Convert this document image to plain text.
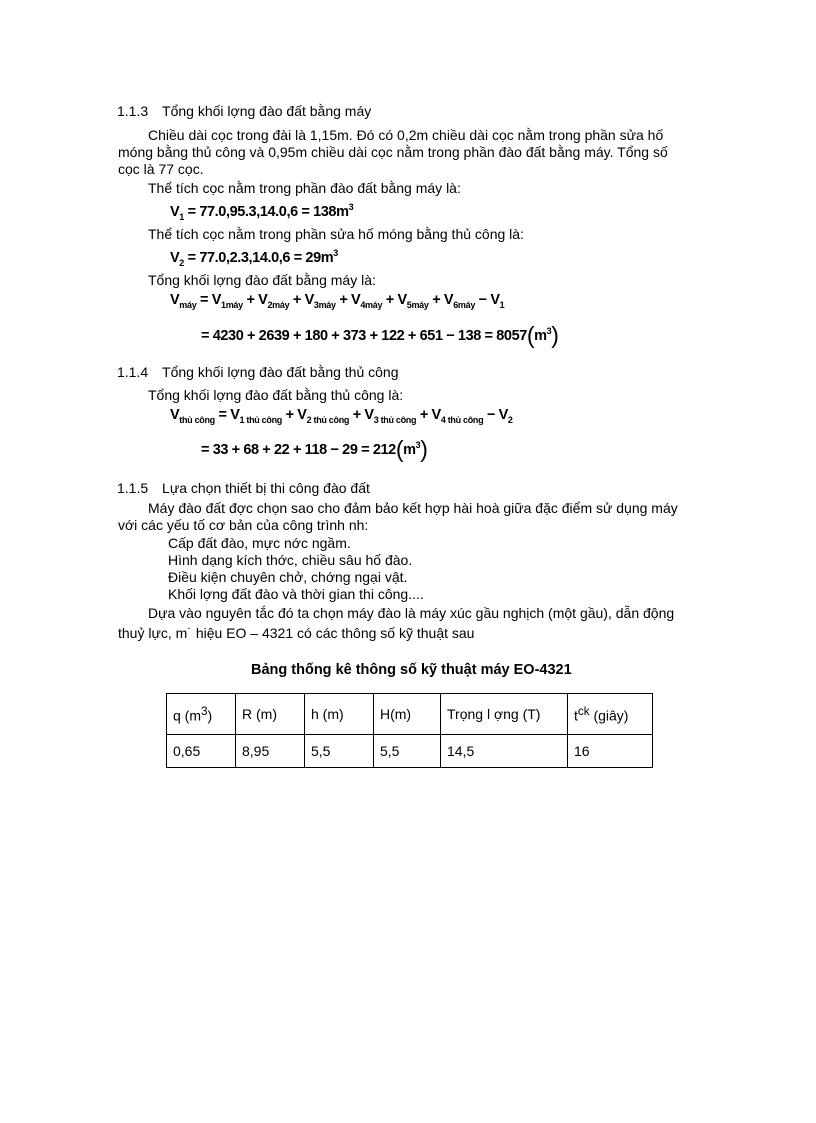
1.1.3 Tổng khối lợng đào đất bằng máy
Chiều dài cọc trong đài là 1,15m. Đó có 0,2m chiều dài cọc nằm trong phần sửa hố
móng bằng thủ công và 0,95m chiều dài cọc nằm trong phần đào đất bằng máy. Tổng số
cọc là 77 cọc.
Thể tích cọc nằm trong phần đào đất bằng máy là:
$V_1 = 77.0,95.3,14.0,6 = 138m^3$
Thể tích cọc nằm trong phần sửa hố móng bằng thủ công là:
$V_2 = 77.0,2.3,14.0,6 = 29m^3$
Tổng khối lợng đào đất bằng máy là:
$V_{máy} = V_{1máy} + V_{2máy} + V_{3máy} + V_{4máy} + V_{5máy} + V_{6máy} - V_1$
= $4230 + 2639 + 180 + 373 + 122 + 651 - 138 = 8057(m^3)$
1.1.4 Tổng khối lợng đào đất bằng thủ công
Tổng khối lợng đào đất bằng thủ công là:
$V_{thủ công} = V_{1 thủ công} + V_{2 thủ công} + V_{3 thủ công} + V_{4 thủ công} - V_2$
= $33 + 68 + 22 + 118 - 29 = 212(m^3)$
1.1.5 Lựa chọn thiết bị thi công đào đất
Máy đào đất đợc chọn sao cho đảm bảo kết hợp hài hoà giữa đặc điểm sử dụng máy
với các yếu tố cơ bản của công trình nh:
Cấp đất đào, mực nớc ngầm.
Hình dạng kích thớc, chiều sâu hố đào.
Điều kiện chuyên chở, chớng ngại vật.
Khối lợng đất đào và thời gian thi công....
Dựa vào nguyên tắc đó ta chọn máy đào là máy xúc gầu nghịch (một gầu), dẫn động
thuỷ lực, m˙ hiệu EO – 4321 có các thông số kỹ thuật sau
Bảng thống kê thông số kỹ thuật máy EO-4321
q $(m^3)$	R (m)	h (m)	H(m)	Trọng l ợng (T)	$t^{ck}$ (giây)
0,65	8,95	5,5	5,5	14,5	16
